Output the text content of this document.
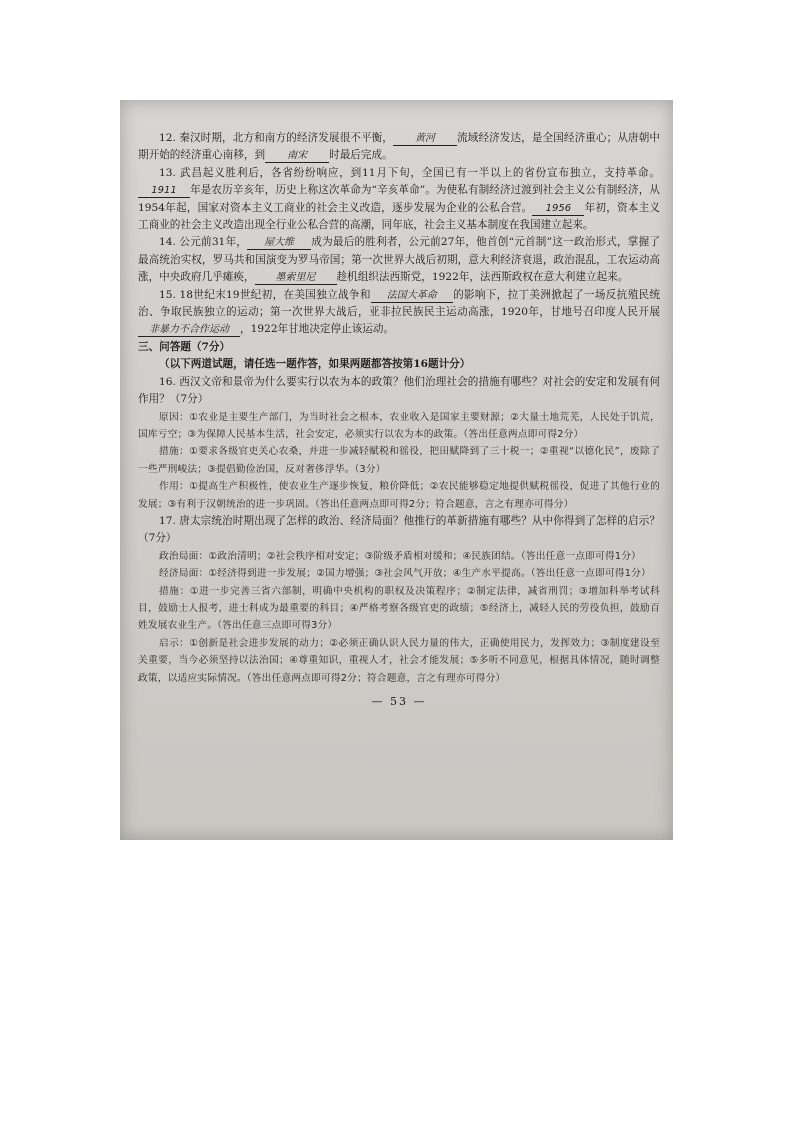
12. 秦汉时期，北方和南方的经济发展很不平衡， 黄河 流域经济发达，是全国经济重心；从唐朝中期开始的经济重心南移，到 南宋 时最后完成。

13. 武昌起义胜利后，各省纷纷响应，到11月下旬，全国已有一半以上的省份宣布独立，支持革命。1911 年是农历辛亥年，历史上称这次革命为“辛亥革命”。为使私有制经济过渡到社会主义公有制经济，从1954年起，国家对资本主义工商业的社会主义改造，逐步发展为企业的公私合营。 1956 年初，资本主义工商业的社会主义改造出现全行业公私合营的高潮，同年底，社会主义基本制度在我国建立起来。

14. 公元前31年， 屋大维 成为最后的胜利者，公元前27年，他首创“元首制”这一政治形式，掌握了最高统治实权，罗马共和国演变为罗马帝国；第一次世界大战后初期，意大利经济衰退，政治混乱，工农运动高涨，中央政府几乎瘫痪， 墨索里尼 趁机组织法西斯党，1922年，法西斯政权在意大利建立起来。

15. 18世纪末19世纪初，在美国独立战争和 法国大革命 的影响下，拉丁美洲掀起了一场反抗殖民统治、争取民族独立的运动；第一次世界大战后，亚非拉民族民主运动高涨，1920年，甘地号召印度人民开展非暴力不合作运动 ，1922年甘地决定停止该运动。

三、问答题（7分）

（以下两道试题，请任选一题作答，如果两题都答按第16题计分）

16. 西汉文帝和景帝为什么要实行以农为本的政策？他们治理社会的措施有哪些？对社会的安定和发展有何作用？（7分）

原因：①农业是主要生产部门，为当时社会之根本，农业收入是国家主要财源；②大量土地荒芜，人民处于饥荒，国库亏空；③为保障人民基本生活，社会安定，必须实行以农为本的政策。（答出任意两点即可得2分）

措施：①要求各级官吏关心农桑，并进一步减轻赋税和徭役，把田赋降到了三十税一；②重视“以德化民”，废除了一些严刑峻法；③提倡勤俭治国，反对奢侈浮华。（3分）

作用：①提高生产积极性，使农业生产逐步恢复，粮价降低；②农民能够稳定地提供赋税徭役，促进了其他行业的发展；③有利于汉朝统治的进一步巩固。（答出任意两点即可得2分；符合题意，言之有理亦可得分）

17. 唐太宗统治时期出现了怎样的政治、经济局面？他推行的革新措施有哪些？从中你得到了怎样的启示？（7分）

政治局面：①政治清明；②社会秩序相对安定；③阶级矛盾相对缓和；④民族团结。（答出任意一点即可得1分）

经济局面：①经济得到进一步发展；②国力增强；③社会风气开放；④生产水平提高。（答出任意一点即可得1分）

措施：①进一步完善三省六部制，明确中央机构的职权及决策程序；②制定法律，减省刑罚；③增加科举考试科目，鼓励士人报考，进士科成为最重要的科目；④严格考察各级官吏的政绩；⑤经济上，减轻人民的劳役负担，鼓励百姓发展农业生产。（答出任意三点即可得3分）

启示：①创新是社会进步发展的动力；②必须正确认识人民力量的伟大，正确使用民力，发挥效力；③制度建设至关重要，当今必须坚持以法治国；④尊重知识，重视人才，社会才能发展；⑤多听不同意见，根据具体情况，随时调整政策，以适应实际情况。（答出任意两点即可得2分；符合题意，言之有理亦可得分）

— 53 —
